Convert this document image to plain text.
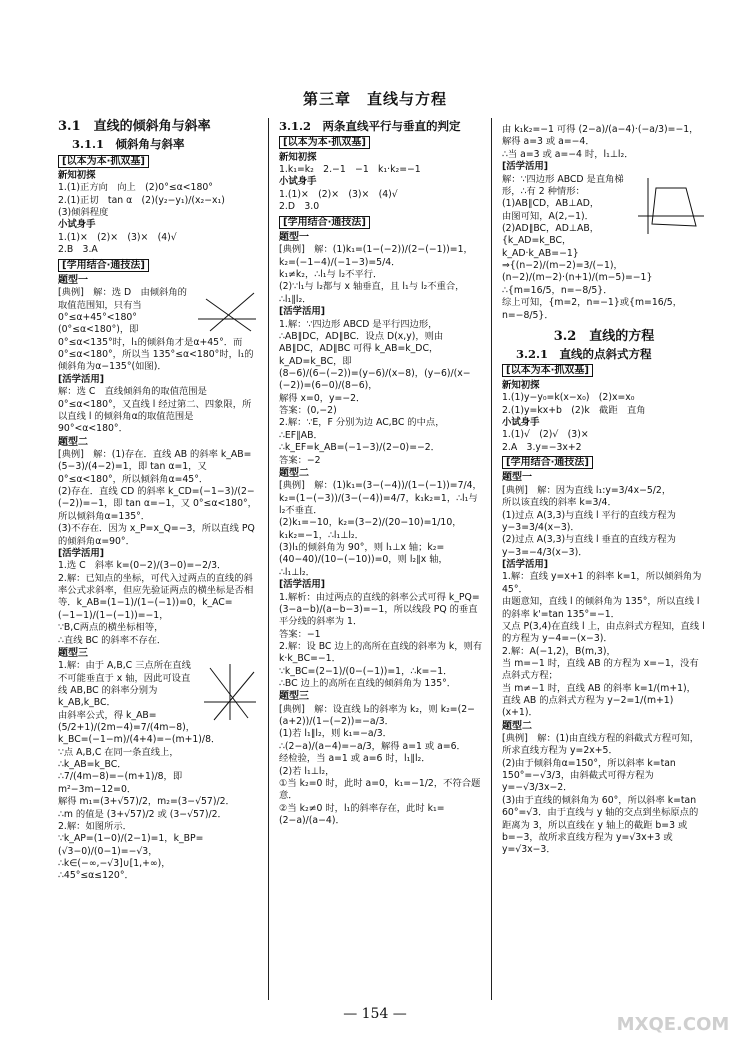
第三章　直线与方程
3.1　直线的倾斜角与斜率
3.1.1　倾斜角与斜率
[以本为本·抓双基]
新知初探

1.(1)正方向　向上　(2)0°≤α<180°
2.(1)正切　tan α　(2)(y₂−y₁)/(x₂−x₁)
(3)倾斜程度

小试身手

1.(1)×　(2)×　(3)×　(4)√
2.B　3.A

[学用结合·通技法]
题型一

[典例]　解：选 D　由倾斜角的取值范围知，只有当 0°≤α+45°<180°(0°≤α<180°)，即 0°≤α<135°时，l₁的倾斜角才是α+45°．而 0°≤α<180°，所以当 135°≤α<180°时，l₁的倾斜角为α−135°(如图)．

[活学活用]

解：选 C　直线倾斜角的取值范围是 0°≤α<180°，又直线 l 经过第二、四象限，所以直线 l 的倾斜角α的取值范围是 90°<α<180°．

题型二

[典例]　解：(1)存在．直线 AB 的斜率 k_AB=(5−3)/(4−2)=1，即 tan α=1，又 0°≤α<180°，所以倾斜角α=45°．
(2)存在．直线 CD 的斜率 k_CD=(−1−3)/(2−(−2))=−1，即 tan α=−1，又 0°≤α<180°，所以倾斜角α=135°．
(3)不存在．因为 x_P=x_Q=−3，所以直线 PQ 的倾斜角α=90°．

[活学活用]

1.选 C　斜率 k=(0−2)/(3−0)=−2/3．
2.解：已知点的坐标，可代入过两点的直线的斜率公式求斜率，但应先验证两点的横坐标是否相等．k_AB=(1−1)/(1−(−1))=0，k_AC=(−1−1)/(1−(−1))=−1，
∵B,C两点的横坐标相等，
∴直线 BC 的斜率不存在．

题型三

1.解：由于 A,B,C 三点所在直线不可能垂直于 x 轴，因此可设直线 AB,BC 的斜率分别为 k_AB,k_BC．
由斜率公式，得 k_AB=(5/2+1)/(2m−4)=7/(4m−8)，
k_BC=(−1−m)/(4+4)=−(m+1)/8．
∵点 A,B,C 在同一条直线上，
∴k_AB=k_BC．
∴7/(4m−8)=−(m+1)/8，即 m²−3m−12=0．
解得 m₁=(3+√57)/2，m₂=(3−√57)/2．
∴m 的值是 (3+√57)/2 或 (3−√57)/2．
2.解：如图所示．
∵k_AP=(1−0)/(2−1)=1，k_BP=(√3−0)/(0−1)=−√3，
∴k∈(−∞,−√3]∪[1,+∞)，
∴45°≤α≤120°．

3.1.2　两条直线平行与垂直的判定
[以本为本·抓双基]
新知初探

1.k₁=k₂　2.−1　−1　k₁·k₂=−1

小试身手

1.(1)×　(2)×　(3)×　(4)√
2.D　3.0

[学用结合·通技法]
题型一

[典例]　解：(1)k₁=(1−(−2))/(2−(−1))=1，
k₂=(−1−4)/(−1−3)=5/4．
k₁≠k₂，∴l₁与 l₂不平行．
(2)∵l₁与 l₂都与 x 轴垂直，且 l₁与 l₂不重合，∴l₁∥l₂．

[活学活用]

1.解：∵四边形 ABCD 是平行四边形，∴AB∥DC，AD∥BC．设点 D(x,y)，则由 AB∥DC，AD∥BC 可得 k_AB=k_DC，k_AD=k_BC，即
(8−6)/(6−(−2))=(y−6)/(x−8)，(y−6)/(x−(−2))=(6−0)/(8−6)，
解得 x=0，y=−2．
答案：(0,−2)
2.解：∵E，F 分别为边 AC,BC 的中点，∴EF∥AB．
∴k_EF=k_AB=(−1−3)/(2−0)=−2．
答案：−2

题型二

[典例]　解：(1)k₁=(3−(−4))/(1−(−1))=7/4，
k₂=(1−(−3))/(3−(−4))=4/7，k₁k₂=1，∴l₁与 l₂不垂直．
(2)k₁=−10，k₂=(3−2)/(20−10)=1/10，k₁k₂=−1，∴l₁⊥l₂．
(3)l₁的倾斜角为 90°，则 l₁⊥x 轴；k₂=(40−40)/(10−(−10))=0，则 l₂∥x 轴，∴l₁⊥l₂．

[活学活用]

1.解析：由过两点的直线的斜率公式可得 k_PQ=(3−a−b)/(a−b−3)=−1，所以线段 PQ 的垂直平分线的斜率为 1．
答案：−1
2.解：设 BC 边上的高所在直线的斜率为 k，则有 k·k_BC=−1．
∵k_BC=(2−1)/(0−(−1))=1，∴k=−1．
∴BC 边上的高所在直线的倾斜角为 135°．

题型三

[典例]　解：设直线 l₂的斜率为 k₂，则 k₂=(2−(a+2))/(1−(−2))=−a/3．
(1)若 l₁∥l₂，则 k₁=−a/3．
∴(2−a)/(a−4)=−a/3，解得 a=1 或 a=6．
经检验，当 a=1 或 a=6 时，l₁∥l₂．
(2)若 l₁⊥l₂，
①当 k₂=0 时，此时 a=0，k₁=−1/2，不符合题意．
②当 k₂≠0 时，l₁的斜率存在，此时 k₁=(2−a)/(a−4)．

由 k₁k₂=−1 可得 (2−a)/(a−4)·(−a/3)=−1，
解得 a=3 或 a=−4．
∴当 a=3 或 a=−4 时，l₁⊥l₂．

[活学活用]

解：∵四边形 ABCD 是直角梯形，∴有 2 种情形：
(1)AB∥CD，AB⊥AD，
由图可知，A(2,−1)．
(2)AD∥BC，AD⊥AB，
{k_AD=k_BC，k_AD·k_AB=−1}
⇒{(n−2)/(m−2)=3/(−1)，(n−2)/(m−2)·(n+1)/(m−5)=−1}
∴{m=16/5，n=−8/5}．
综上可知，{m=2，n=−1}或{m=16/5，n=−8/5}．

3.2　直线的方程
3.2.1　直线的点斜式方程
[以本为本·抓双基]
新知初探

1.(1)y−y₀=k(x−x₀)　(2)x=x₀
2.(1)y=kx+b　(2)k　截距　直角

小试身手

1.(1)√　(2)√　(3)×
2.A　3.y=−3x+2

[学用结合·通技法]
题型一

[典例]　解：因为直线 l₁:y=3/4x−5/2，
所以该直线的斜率 k=3/4．
(1)过点 A(3,3)与直线 l 平行的直线方程为 y−3=3/4(x−3)．
(2)过点 A(3,3)与直线 l 垂直的直线方程为 y−3=−4/3(x−3)．

[活学活用]

1.解：直线 y=x+1 的斜率 k=1，所以倾斜角为 45°．
由题意知，直线 l 的倾斜角为 135°，所以直线 l 的斜率 k'=tan 135°=−1．
又点 P(3,4)在直线 l 上，由点斜式方程知，直线 l 的方程为 y−4=−(x−3)．
2.解：A(−1,2)，B(m,3)，
当 m=−1 时，直线 AB 的方程为 x=−1，没有点斜式方程；
当 m≠−1 时，直线 AB 的斜率 k=1/(m+1)，
直线 AB 的点斜式方程为 y−2=1/(m+1)(x+1)．

题型二

[典例]　解：(1)由直线方程的斜截式方程可知，所求直线方程为 y=2x+5．
(2)由于倾斜角α=150°，所以斜率 k=tan 150°=−√3/3，由斜截式可得方程为 y=−√3/3x−2．
(3)由于直线的倾斜角为 60°，所以斜率 k=tan 60°=√3．由于直线与 y 轴的交点到坐标原点的距离为 3，所以直线在 y 轴上的截距 b=3 或 b=−3，故所求直线方程为 y=√3x+3 或 y=√3x−3．

— 154 —	MXQE.COM
